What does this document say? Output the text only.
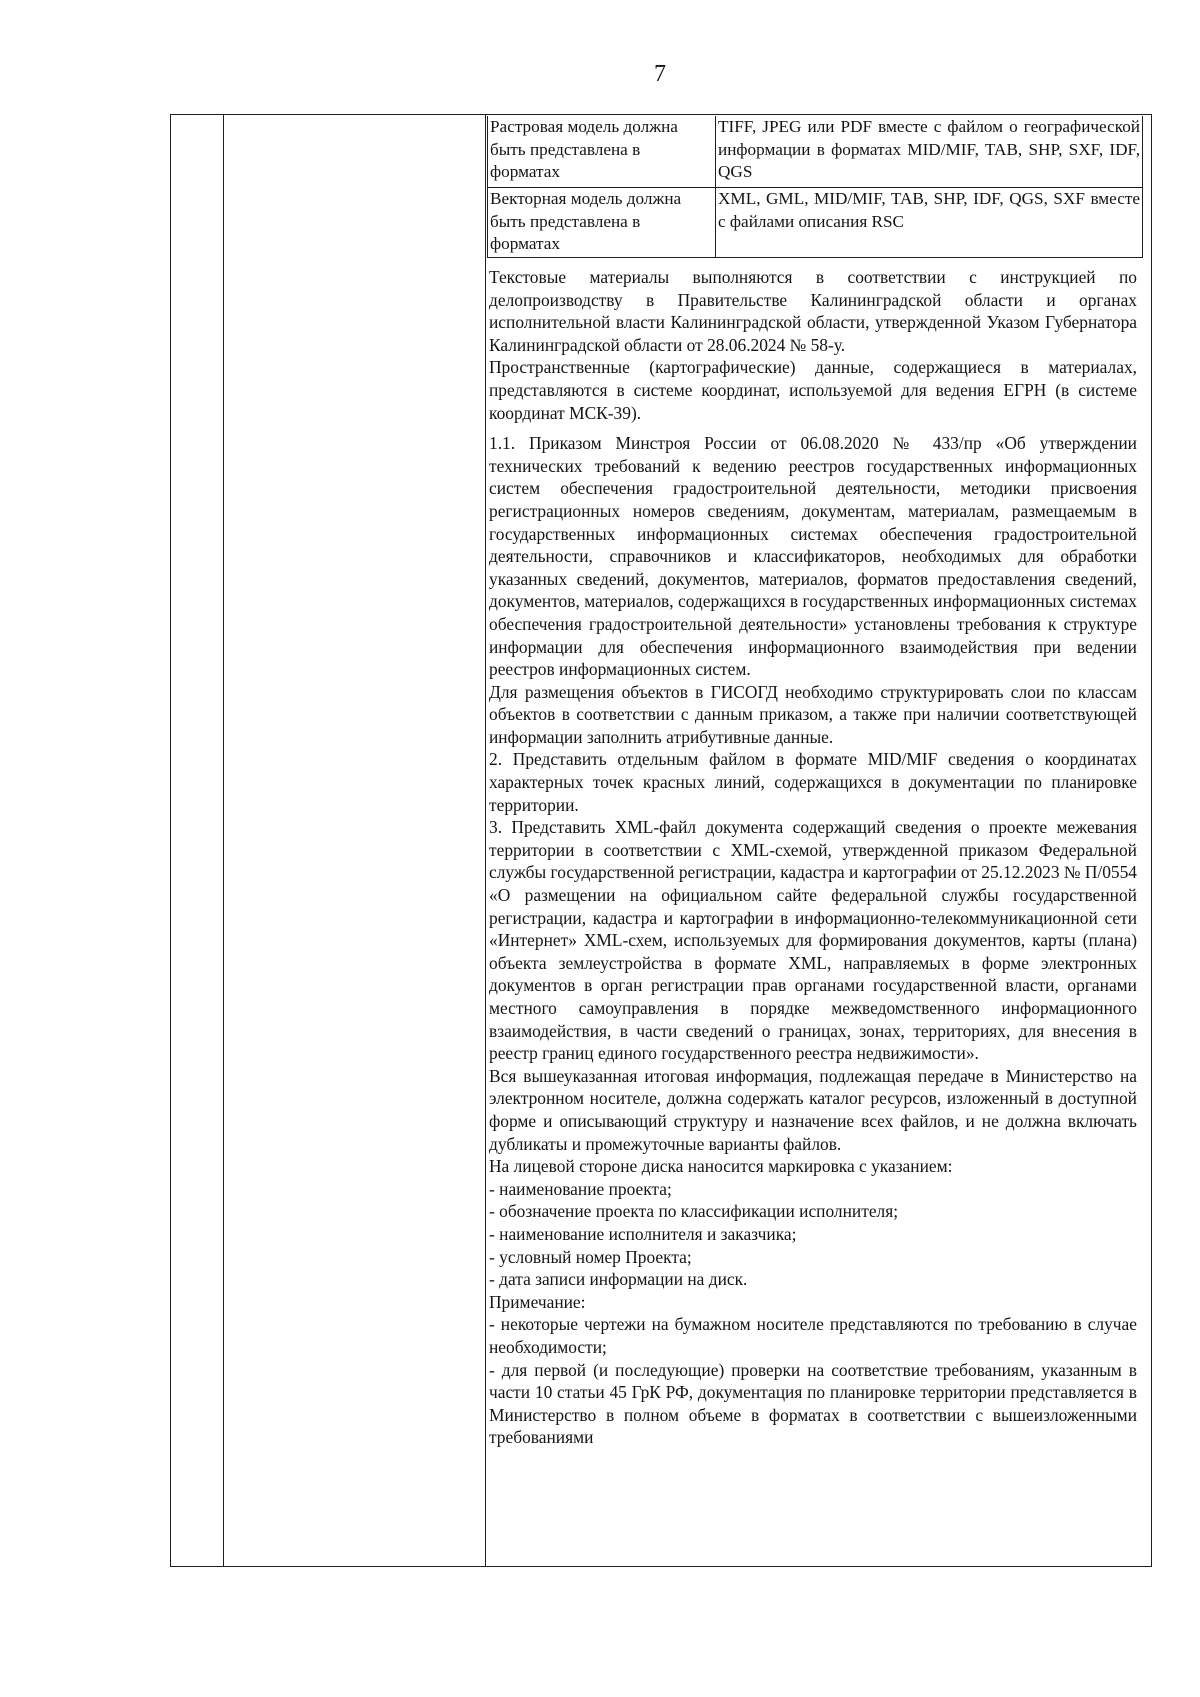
7
Растровая модель должна быть представлена в форматах
TIFF, JPEG или PDF вместе с файлом о географической информации в форматах MID/MIF, TAB, SHP, SXF, IDF, QGS
Векторная модель должна быть представлена в форматах
XML, GML, MID/MIF, TAB, SHP, IDF, QGS, SXF вместе с файлами описания RSC

Текстовые материалы выполняются в соответствии с инструкцией по делопроизводству в Правительстве Калининградской области и органах исполнительной власти Калининградской области, утвержденной Указом Губернатора Калининградской области от 28.06.2024 № 58-у.

Пространственные (картографические) данные, содержащиеся в материалах, представляются в системе координат, используемой для ведения ЕГРН (в системе координат МСК-39).

1.1. Приказом Минстроя России от 06.08.2020 № 433/пр «Об утверждении технических требований к ведению реестров государственных информационных систем обеспечения градостроительной деятельности, методики присвоения регистрационных номеров сведениям, документам, материалам, размещаемым в государственных информационных системах обеспечения градостроительной деятельности, справочников и классификаторов, необходимых для обработки указанных сведений, документов, материалов, форматов предоставления сведений, документов, материалов, содержащихся в государственных информационных системах обеспечения градостроительной деятельности» установлены требования к структуре информации для обеспечения информационного взаимодействия при ведении реестров информационных систем.

Для размещения объектов в ГИСОГД необходимо структурировать слои по классам объектов в соответствии с данным приказом, а также при наличии соответствующей информации заполнить атрибутивные данные.

2. Представить отдельным файлом в формате MID/MIF сведения о координатах характерных точек красных линий, содержащихся в документации по планировке территории.

3. Представить XML-файл документа содержащий сведения о проекте межевания территории в соответствии с XML-схемой, утвержденной приказом Федеральной службы государственной регистрации, кадастра и картографии от 25.12.2023 № П/0554 «О размещении на официальном сайте федеральной службы государственной регистрации, кадастра и картографии в информационно-телекоммуникационной сети «Интернет» XML-схем, используемых для формирования документов, карты (плана) объекта землеустройства в формате XML, направляемых в форме электронных документов в орган регистрации прав органами государственной власти, органами местного самоуправления в порядке межведомственного информационного взаимодействия, в части сведений о границах, зонах, территориях, для внесения в реестр границ единого государственного реестра недвижимости».

Вся вышеуказанная итоговая информация, подлежащая передаче в Министерство на электронном носителе, должна содержать каталог ресурсов, изложенный в доступной форме и описывающий структуру и назначение всех файлов, и не должна включать дубликаты и промежуточные варианты файлов.

На лицевой стороне диска наносится маркировка с указанием:

- наименование проекта;

- обозначение проекта по классификации исполнителя;

- наименование исполнителя и заказчика;

- условный номер Проекта;

- дата записи информации на диск.

Примечание:

- некоторые чертежи на бумажном носителе представляются по требованию в случае необходимости;

- для первой (и последующие) проверки на соответствие требованиям, указанным в части 10 статьи 45 ГрК РФ, документация по планировке территории представляется в Министерство в полном объеме в форматах в соответствии с вышеизложенными требованиями
